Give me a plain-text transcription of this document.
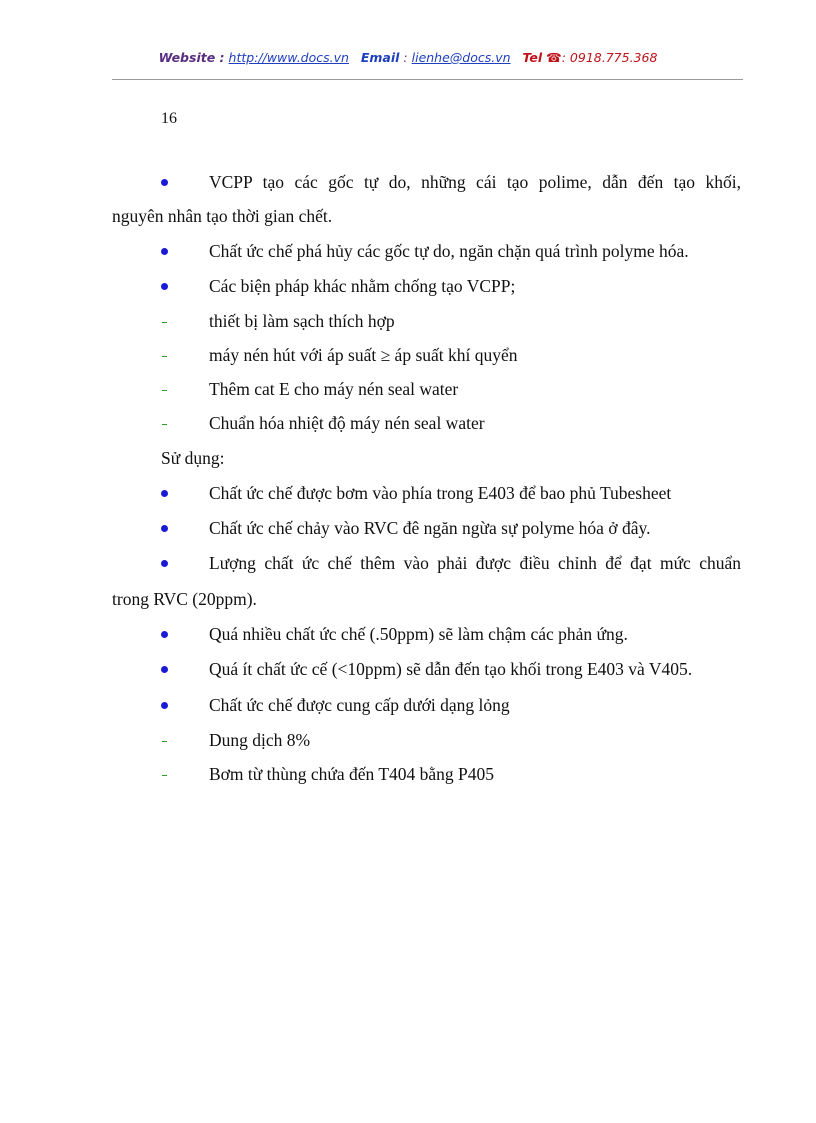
Website : http://www.docs.vn Email : lienhe@docs.vn Tel ☎: 0918.775.368
16
VCPP tạo các gốc tự do, những cái tạo polime, dẫn đến tạo khối,
nguyên nhân tạo thời gian chết.
Chất ức chế phá hủy các gốc tự do, ngăn chặn quá trình polyme hóa.
Các biện pháp khác nhằm chống tạo VCPP;
thiết bị làm sạch thích hợp
máy nén hút với áp suất ≥ áp suất khí quyển
Thêm cat E cho máy nén seal water
Chuẩn hóa nhiệt độ máy nén seal water
Sử dụng:
Chất ức chế được bơm vào phía trong E403 để bao phủ Tubesheet
Chất ức chế chảy vào RVC đê ngăn ngừa sự polyme hóa ở đây.
Lượng chất ức chế thêm vào phải được điều chỉnh để đạt mức chuẩn
trong RVC (20ppm).
Quá nhiều chất ức chế (.50ppm) sẽ làm chậm các phản ứng.
Quá ít chất ức cế (<10ppm) sẽ dẫn đến tạo khối trong E403 và V405.
Chất ức chế được cung cấp dưới dạng lỏng
Dung dịch 8%
Bơm từ thùng chứa đến T404 bằng P405
